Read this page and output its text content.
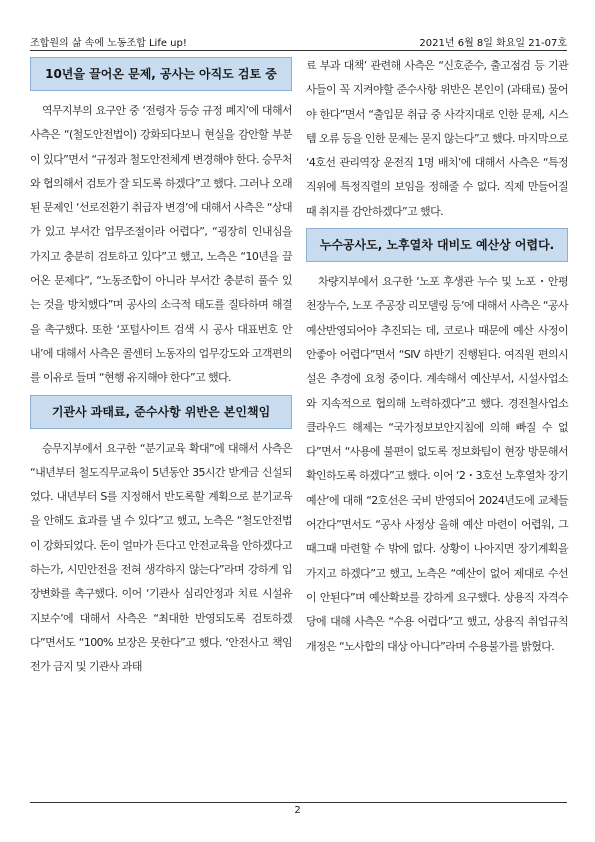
조합원의 삶 속에 노동조합 Life up!	2021년 6월 8일 화요일 21-07호
10년을 끌어온 문제, 공사는 아직도 검토 중

역무지부의 요구안 중 ‘전령자 등승 규정 폐지’에 대해서 사측은 “(철도안전법이) 강화되다보니 현실을 감안할 부분이 있다”면서 “규정과 철도안전체계 변경해야 한다. 승무처와 협의해서 검토가 잘 되도록 하겠다”고 했다. 그러나 오래된 문제인 ‘선로전환기 취급자 변경’에 대해서 사측은 “상대가 있고 부서간 업무조절이라 어렵다”, “굉장히 인내심을 가지고 충분히 검토하고 있다”고 했고, 노측은 “10년을 끌어온 문제다”, “노동조합이 아니라 부서간 충분히 풀수 있는 것을 방치했다”며 공사의 소극적 태도를 질타하며 해결을 촉구했다. 또한 ‘포털사이트 검색 시 공사 대표번호 안내’에 대해서 사측은 콜센터 노동자의 업무강도와 고객편의를 이유로 들며 “현행 유지해야 한다”고 했다.

기관사 과태료, 준수사항 위반은 본인책임

승무지부에서 요구한 “분기교육 확대”에 대해서 사측은 “내년부터 철도직무교육이 5년동안 35시간 받게금 신설되었다. 내년부터 S를 지정해서 반도록할 계획으로 분기교육을 안해도 효과를 낼 수 있다”고 했고, 노측은 “철도안전법이 강화되었다. 돈이 얼마가 든다고 안전교육을 안하겠다고 하는가, 시민안전을 전혀 생각하지 않는다”라며 강하게 입장변화를 촉구했다. 이어 ‘기관사 심리안정과 치료 시설유지보수’에 대해서 사측은 “최대한 반영되도록 검토하겠다”면서도 “100% 보장은 못한다”고 했다. ‘안전사고 책임전가 금지 및 기관사 과태

료 부과 대책’ 관련해 사측은 “신호준수, 출고점검 등 기관사들이 꼭 지켜야할 준수사항 위반은 본인이 (과태료) 물어야 한다”면서 “출입문 취급 중 사각지대로 인한 문제, 시스템 오류 등을 인한 문제는 묻지 않는다”고 했다. 마지막으로 ‘4호선 관리역장 운전직 1명 배치’에 대해서 사측은 “특정 직위에 특정직렬의 보임을 정해줄 수 없다. 직제 만들어질때 취지를 감안하겠다”고 했다.

누수공사도, 노후열차 대비도 예산상 어렵다.

차량지부에서 요구한 ‘노포 후생관 누수 및 노포・안평 천장누수, 노포 주공장 리모델링 등’에 대해서 사측은 “공사 예산반영되어야 추진되는 데, 코로나 때문에 예산 사정이 안좋아 어렵다”면서 “SIV 하반기 진행된다. 여직원 편의시설은 추경에 요청 중이다. 계속해서 예산부서, 시설사업소와 지속적으로 협의해 노력하겠다”고 했다. 경전철사업소 클라우드 해제는 “국가정보보안지침에 의해 빠질 수 없다”면서 “사용에 불편이 없도록 정보화팀이 현장 방문해서 확인하도록 하겠다”고 했다. 이어 ‘2・3호선 노후열차 장기예산’에 대해 “2호선은 국비 반영되어 2024년도에 교체들어간다”면서도 “공사 사정상 올해 예산 마련이 어렵워, 그때그때 마련할 수 밖에 없다. 상황이 나아지면 장기계획을 가지고 하겠다”고 했고, 노측은 “예산이 없어 제대로 수선이 안된다”며 예산확보를 강하게 요구했다. 상용직 자격수당에 대해 사측은 “수용 어렵다”고 했고, 상용직 취업규칙 개정은 “노사합의 대상 아니다”라며 수용불가를 밝혔다.

2
